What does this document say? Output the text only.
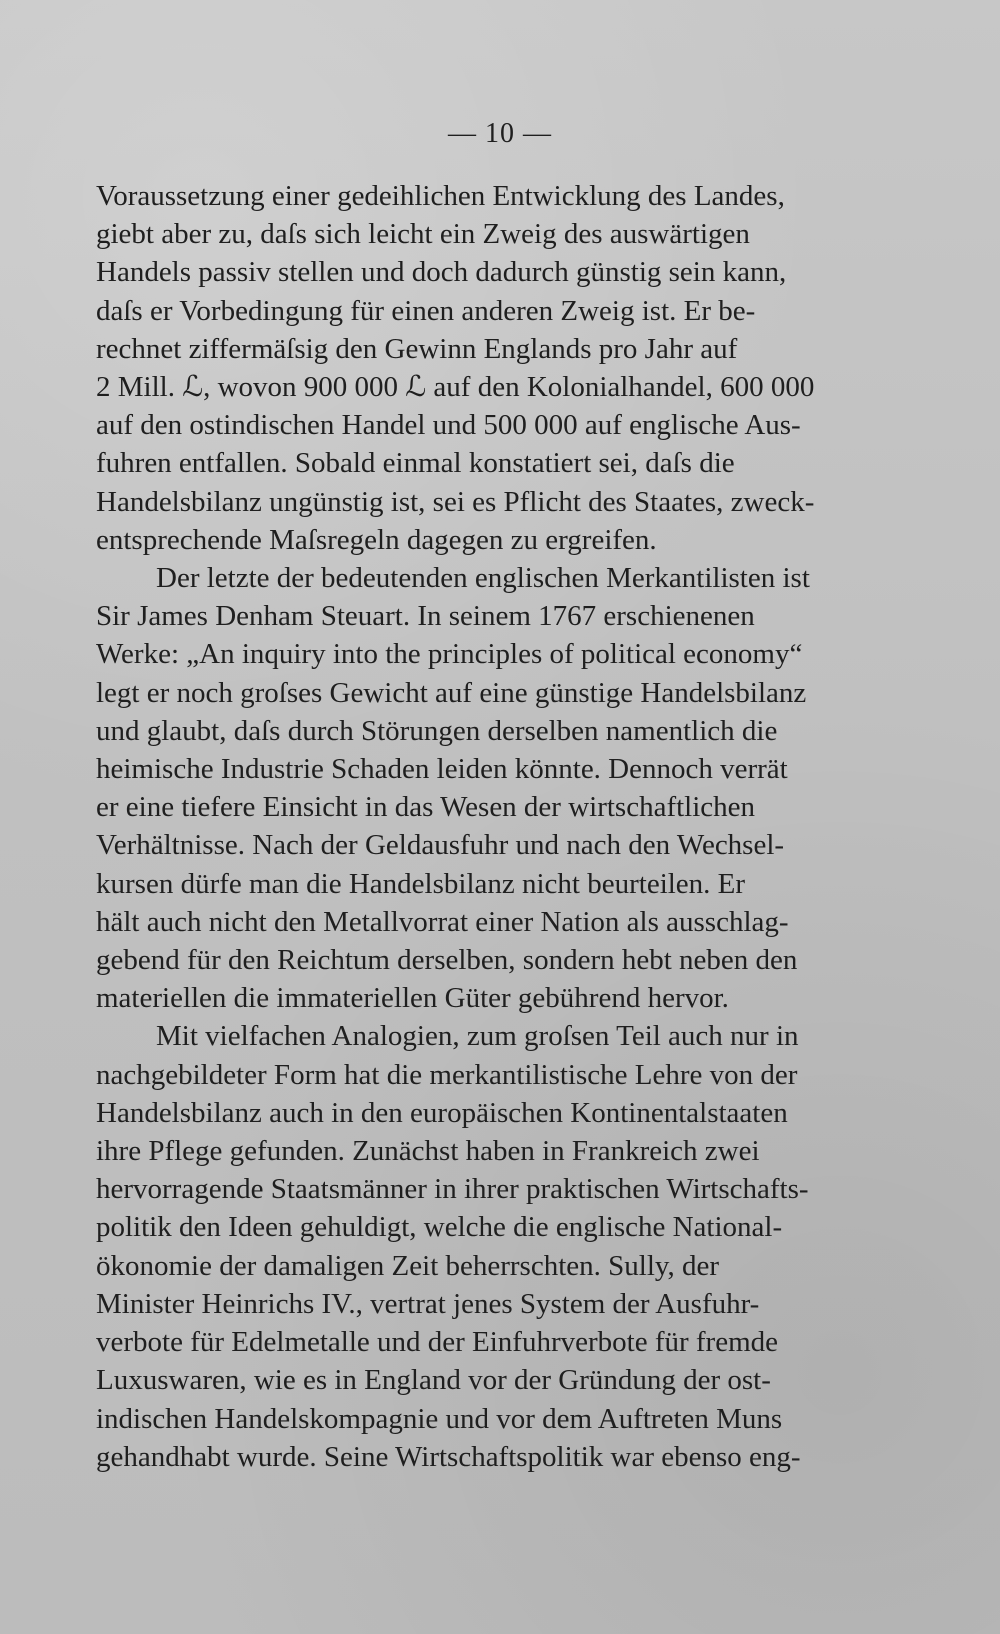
— 10 —
Voraussetzung einer gedeihlichen Entwicklung des Landes,
giebt aber zu, daſs sich leicht ein Zweig des auswärtigen
Handels passiv stellen und doch dadurch günstig sein kann,
daſs er Vorbedingung für einen anderen Zweig ist. Er be-
rechnet ziffermäſsig den Gewinn Englands pro Jahr auf
2 Mill. ℒ, wovon 900 000 ℒ auf den Kolonialhandel, 600 000
auf den ostindischen Handel und 500 000 auf englische Aus-
fuhren entfallen. Sobald einmal konstatiert sei, daſs die
Handelsbilanz ungünstig ist, sei es Pflicht des Staates, zweck-
entsprechende Maſsregeln dagegen zu ergreifen.
Der letzte der bedeutenden englischen Merkantilisten ist
Sir James Denham Steuart. In seinem 1767 erschienenen
Werke: „An inquiry into the principles of political economy“
legt er noch groſses Gewicht auf eine günstige Handelsbilanz
und glaubt, daſs durch Störungen derselben namentlich die
heimische Industrie Schaden leiden könnte. Dennoch verrät
er eine tiefere Einsicht in das Wesen der wirtschaftlichen
Verhältnisse. Nach der Geldausfuhr und nach den Wechsel-
kursen dürfe man die Handelsbilanz nicht beurteilen. Er
hält auch nicht den Metallvorrat einer Nation als ausschlag-
gebend für den Reichtum derselben, sondern hebt neben den
materiellen die immateriellen Güter gebührend hervor.
Mit vielfachen Analogien, zum groſsen Teil auch nur in
nachgebildeter Form hat die merkantilistische Lehre von der
Handelsbilanz auch in den europäischen Kontinentalstaaten
ihre Pflege gefunden. Zunächst haben in Frankreich zwei
hervorragende Staatsmänner in ihrer praktischen Wirtschafts-
politik den Ideen gehuldigt, welche die englische National-
ökonomie der damaligen Zeit beherrschten. Sully, der
Minister Heinrichs IV., vertrat jenes System der Ausfuhr-
verbote für Edelmetalle und der Einfuhrverbote für fremde
Luxuswaren, wie es in England vor der Gründung der ost-
indischen Handelskompagnie und vor dem Auftreten Muns
gehandhabt wurde. Seine Wirtschaftspolitik war ebenso eng-
